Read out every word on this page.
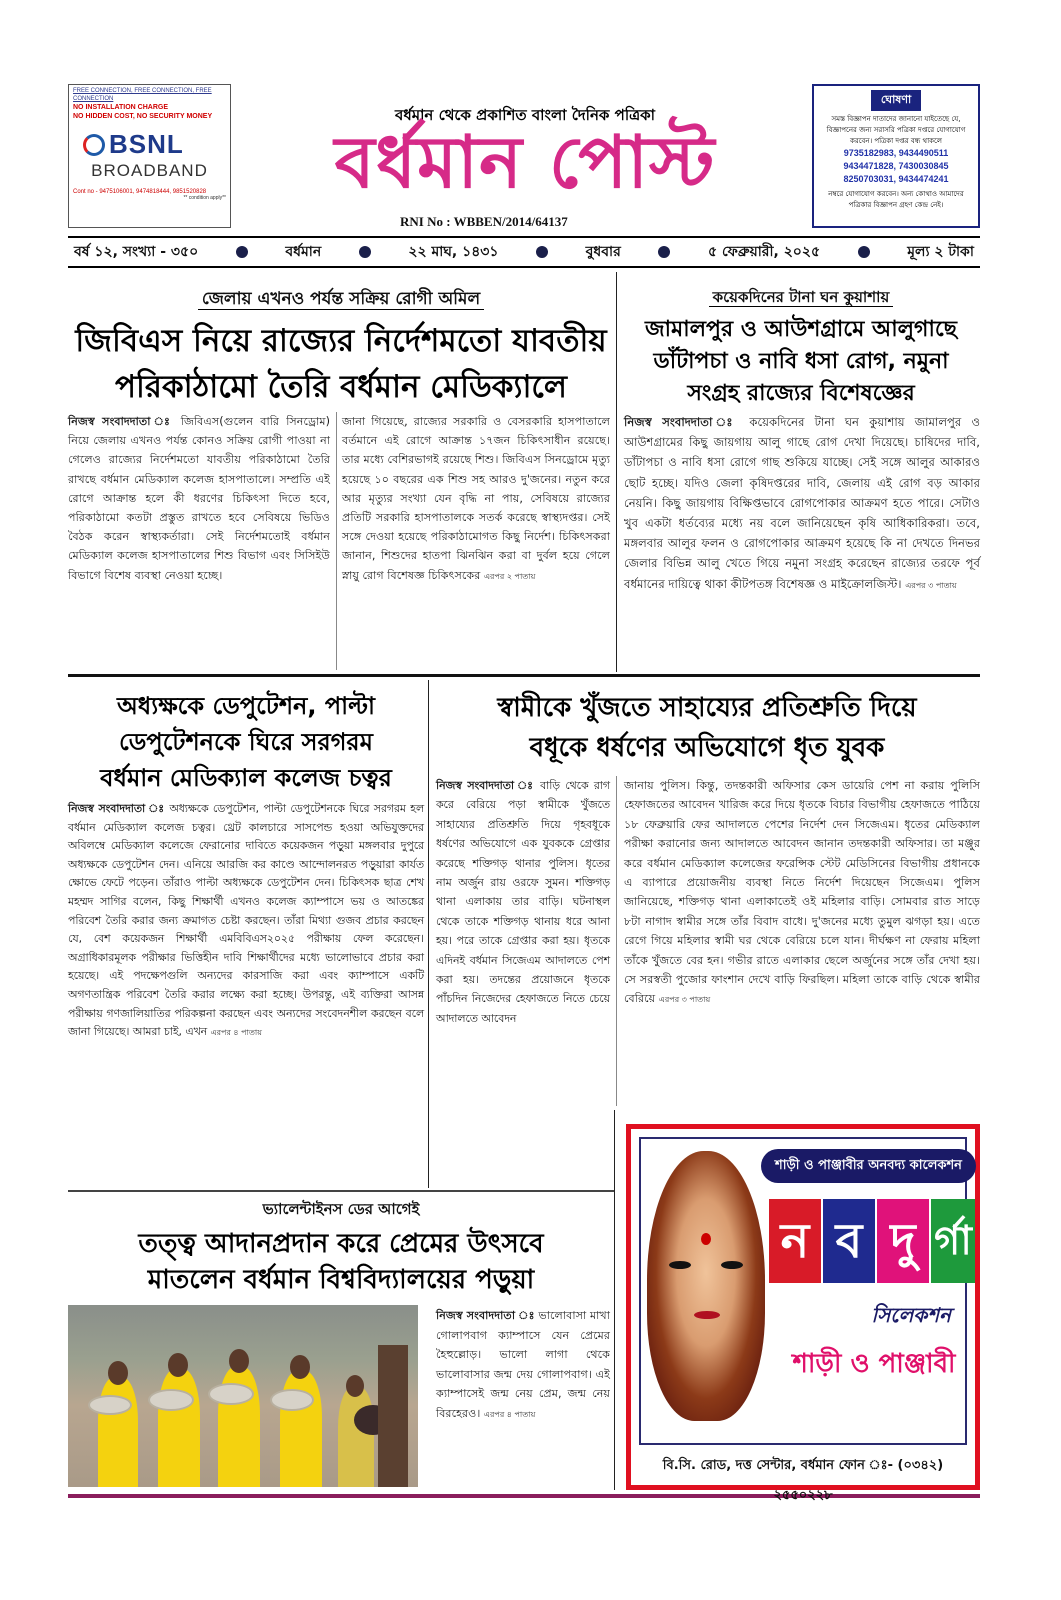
FREE CONNECTION, FREE CONNECTION, FREE CONNECTION
NO INSTALLATION CHARGE
NO HIDDEN COST, NO SECURITY MONEY
BSNL
BROADBAND
Cont no - 9475106001, 9474818444, 9851520828
** condition apply**
বর্ধমান থেকে প্রকাশিত বাংলা দৈনিক পত্রিকা
বর্ধমান পোস্ট
RNI No : WBBEN/2014/64137
ঘোষণা
সমস্ত বিজ্ঞাপন দাতাদের জানানো যাইতেছে যে, বিজ্ঞাপনের জন্য সরাসরি পত্রিকা দপ্তরে যোগাযোগ করবেন। পত্রিকা দপ্তর বন্ধ থাকলে
9735182983, 9434490511
9434471828, 7430030845
8250703031, 9434474241
নম্বরে যোগাযোগ করবেন। অন্য কোথাও আমাদের পত্রিকার বিজ্ঞাপন গ্রহণ কেন্দ্র নেই।
বর্ষ ১২, সংখ্যা - ৩৫০	বর্ধমান	২২ মাঘ, ১৪৩১	বুধবার	৫ ফেব্রুয়ারী, ২০২৫	মূল্য ২ টাকা
জেলায় এখনও পর্যন্ত সক্রিয় রোগী অমিল
জিবিএস নিয়ে রাজ্যের নির্দেশমতো যাবতীয়
পরিকাঠামো তৈরি বর্ধমান মেডিক্যালে
নিজস্ব সংবাদদাতা ঃ জিবিএস(গুলেন বারি সিনড্রোম) নিয়ে জেলায় এখনও পর্যন্ত কোনও সক্রিয় রোগী পাওয়া না গেলেও রাজ্যের নির্দেশমতো যাবতীয় পরিকাঠামো তৈরি রাখছে বর্ধমান মেডিক্যাল কলেজ হাসপাতালে। সম্প্রতি এই রোগে আক্রান্ত হলে কী ধরণের চিকিৎসা দিতে হবে, পরিকাঠামো কতটা প্রস্তুত রাখতে হবে সেবিষয়ে ভিডিও বৈঠক করেন স্বাস্থ্যকর্তারা। সেই নির্দেশমতোই বর্ধমান মেডিক্যাল কলেজ হাসপাতালের শিশু বিভাগ এবং সিসিইউ বিভাগে বিশেষ ব্যবস্থা নেওয়া হচ্ছে।
জানা গিয়েছে, রাজ্যের সরকারি ও বেসরকারি হাসপাতালে বর্তমানে এই রোগে আক্রান্ত ১৭জন চিকিৎসাধীন রয়েছে। তার মধ্যে বেশিরভাগই রয়েছে শিশু। জিবিএস সিনড্রোমে মৃত্যু হয়েছে ১০ বছরের এক শিশু সহ আরও দু'জনের। নতুন করে আর মৃত্যুর সংখ্যা যেন বৃদ্ধি না পায়, সেবিষয়ে রাজ্যের প্রতিটি সরকারি হাসপাতালকে সতর্ক করেছে স্বাস্থ্যদপ্তর। সেই সঙ্গে দেওয়া হয়েছে পরিকাঠামোগত কিছু নির্দেশ। চিকিৎসকরা জানান, শিশুদের হাতপা ঝিনঝিন করা বা দুর্বল হয়ে গেলে স্নায়ু রোগ বিশেষজ্ঞ চিকিৎসকের এরপর ২ পাতায়
কয়েকদিনের টানা ঘন কুয়াশায়
জামালপুর ও আউশগ্রামে আলুগাছে
ডাঁটাপচা ও নাবি ধসা রোগ, নমুনা
সংগ্রহ রাজ্যের বিশেষজ্ঞের
নিজস্ব সংবাদদাতা ঃ কয়েকদিনের টানা ঘন কুয়াশায় জামালপুর ও আউশগ্রামের কিছু জায়গায় আলু গাছে রোগ দেখা দিয়েছে। চাষিদের দাবি, ডাঁটাপচা ও নাবি ধসা রোগে গাছ শুকিয়ে যাচ্ছে। সেই সঙ্গে আলুর আকারও ছোট হচ্ছে। যদিও জেলা কৃষিদপ্তরের দাবি, জেলায় এই রোগ বড় আকার নেয়নি। কিছু জায়গায় বিক্ষিপ্তভাবে রোগপোকার আক্রমণ হতে পারে। সেটাও খুব একটা ধর্তব্যের মধ্যে নয় বলে জানিয়েছেন কৃষি আধিকারিকরা। তবে, মঙ্গলবার আলুর ফলন ও রোগপোকার আক্রমণ হয়েছে কি না দেখতে দিনভর জেলার বিভিন্ন আলু খেতে গিয়ে নমুনা সংগ্রহ করেছেন রাজ্যের তরফে পূর্ব বর্ধমানের দায়িত্বে থাকা কীটপতঙ্গ বিশেষজ্ঞ ও মাইক্রোলজিস্ট। এরপর ৩ পাতায়
অধ্যক্ষকে ডেপুটেশন, পাল্টা
ডেপুটেশনকে ঘিরে সরগরম
বর্ধমান মেডিক্যাল কলেজ চত্বর
নিজস্ব সংবাদদাতা ঃ অধ্যক্ষকে ডেপুটেশন, পাল্টা ডেপুটেশনকে ঘিরে সরগরম হল বর্ধমান মেডিক্যাল কলেজ চত্বর। থ্রেট কালচারে সাসপেন্ড হওয়া অভিযুক্তদের অবিলম্বে মেডিক্যাল কলেজে ফেরানোর দাবিতে কয়েকজন পড়ুয়া মঙ্গলবার দুপুরে অধ্যক্ষকে ডেপুটেশন দেন। এনিয়ে আরজি কর কাণ্ডে আন্দোলনরত পড়ুয়ারা কার্যত ক্ষোভে ফেটে পড়েন। তাঁরাও পাল্টা অধ্যক্ষকে ডেপুটেশন দেন। চিকিৎসক ছাত্র শেখ মহম্মদ সাগির বলেন, কিছু শিক্ষার্থী এখনও কলেজ ক্যাম্পাসে ভয় ও আতঙ্কের পরিবেশ তৈরি করার জন্য ক্রমাগত চেষ্টা করছেন। তাঁরা মিথ্যা গুজব প্রচার করছেন যে, বেশ কয়েকজন শিক্ষার্থী এমবিবিএস২০২৫ পরীক্ষায় ফেল করেছেন। অগ্রাধিকারমূলক পরীক্ষার ভিত্তিহীন দাবি শিক্ষার্থীদের মধ্যে ভালোভাবে প্রচার করা হয়েছে। এই পদক্ষেপগুলি অন্যদের কারসাজি করা এবং ক্যাম্পাসে একটি অগণতান্ত্রিক পরিবেশ তৈরি করার লক্ষ্যে করা হচ্ছে। উপরন্তু, এই ব্যক্তিরা আসন্ন পরীক্ষায় গণজালিয়াতির পরিকল্পনা করছেন এবং অন্যদের সংবেদনশীল করছেন বলে জানা গিয়েছে। আমরা চাই, এখন এরপর ৪ পাতায়
স্বামীকে খুঁজতে সাহায্যের প্রতিশ্রুতি দিয়ে
বধূকে ধর্ষণের অভিযোগে ধৃত যুবক
নিজস্ব সংবাদদাতা ঃ বাড়ি থেকে রাগ করে বেরিয়ে পড়া স্বামীকে খুঁজতে সাহায্যের প্রতিশ্রুতি দিয়ে গৃহবধূকে ধর্ষণের অভিযোগে এক যুবককে গ্রেপ্তার করেছে শক্তিগড় থানার পুলিস। ধৃতের নাম অর্জুন রায় ওরফে সুমন। শক্তিগড় থানা এলাকায় তার বাড়ি। ঘটনাস্থল থেকে তাকে শক্তিগড় থানায় ধরে আনা হয়। পরে তাকে গ্রেপ্তার করা হয়। ধৃতকে এদিনই বর্ধমান সিজেএম আদালতে পেশ করা হয়। তদন্তের প্রয়োজনে ধৃতকে পাঁচদিন নিজেদের হেফাজতে নিতে চেয়ে আদালতে আবেদন
জানায় পুলিস। কিন্তু, তদন্তকারী অফিসার কেস ডায়েরি পেশ না করায় পুলিসি হেফাজতের আবেদন খারিজ করে দিয়ে ধৃতকে বিচার বিভাগীয় হেফাজতে পাঠিয়ে ১৮ ফেব্রুয়ারি ফের আদালতে পেশের নির্দেশ দেন সিজেএম। ধৃতের মেডিক্যাল পরীক্ষা করানোর জন্য আদালতে আবেদন জানান তদন্তকারী অফিসার। তা মঞ্জুর করে বর্ধমান মেডিক্যাল কলেজের ফরেন্সিক স্টেট মেডিসিনের বিভাগীয় প্রধানকে এ ব্যাপারে প্রয়োজনীয় ব্যবস্থা নিতে নির্দেশ দিয়েছেন সিজেএম। পুলিস জানিয়েছে, শক্তিগড় থানা এলাকাতেই ওই মহিলার বাড়ি। সোমবার রাত সাড়ে ৮টা নাগাদ স্বামীর সঙ্গে তাঁর বিবাদ বাধে। দু'জনের মধ্যে তুমুল ঝগড়া হয়। এতে রেগে গিয়ে মহিলার স্বামী ঘর থেকে বেরিয়ে চলে যান। দীর্ঘক্ষণ না ফেরায় মহিলা তাঁকে খুঁজতে বের হন। গভীর রাতে এলাকার ছেলে অর্জুনের সঙ্গে তাঁর দেখা হয়। সে সরস্বতী পুজোর ফাংশান দেখে বাড়ি ফিরছিল। মহিলা তাকে বাড়ি থেকে স্বামীর বেরিয়ে এরপর ৩ পাতায়
ভ্যালেন্টাইনস ডের আগেই
তত্ত্ব আদানপ্রদান করে প্রেমের উৎসবে
মাতলেন বর্ধমান বিশ্ববিদ্যালয়ের পড়ুয়া
নিজস্ব সংবাদদাতা ঃ ভালোবাসা মাখা গোলাপবাগ ক্যাম্পাসে যেন প্রেমের হৈহুল্লোড়। ভালো লাগা থেকে ভালোবাসার জন্ম দেয় গোলাপবাগ। এই ক্যাম্পাসেই জন্ম নেয় প্রেম, জন্ম নেয় বিরহেরও। এরপর ৪ পাতায়
শাড়ী ও পাঞ্জাবীর অনবদ্য কালেকশন
ন ব দু র্গা
সিলেকশন
শাড়ী ও পাঞ্জাবী
বি.সি. রোড, দত্ত সেন্টার, বর্ধমান ফোন ঃ- (০৩৪২) ২৫৫০২২৮
